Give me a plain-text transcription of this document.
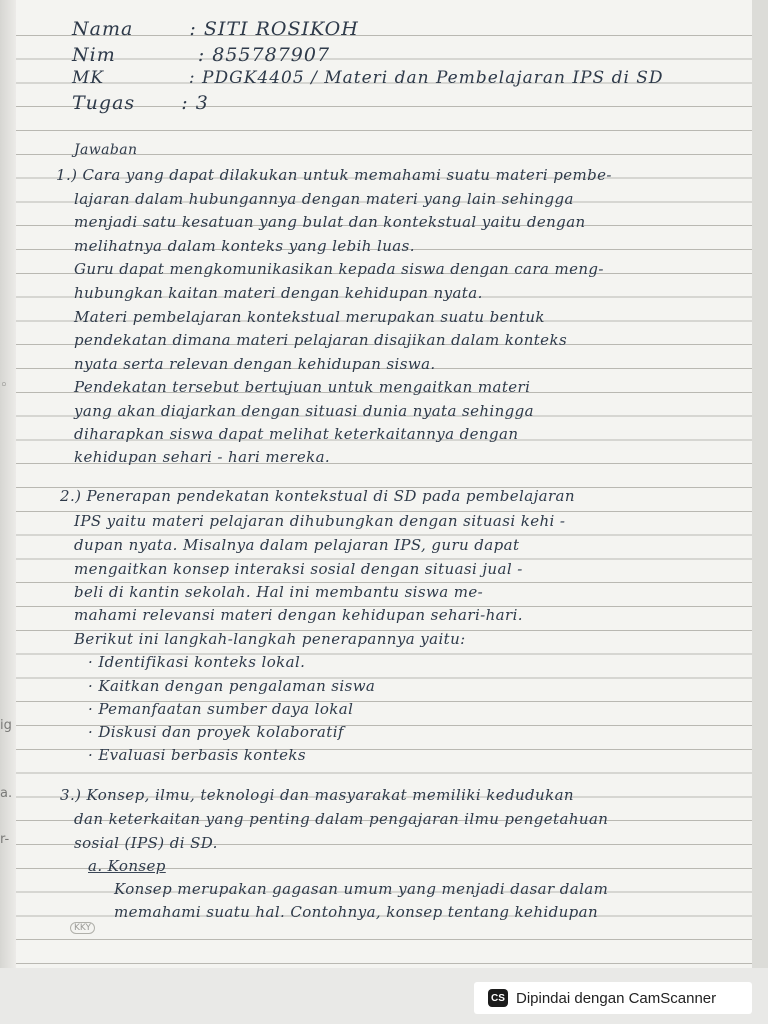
Nama	: SITI ROSIKOH
Nim	: 855787907
MK	: PDGK4405 / Materi dan Pembelajaran IPS di SD
Tugas : 3
Jawaban
1.) Cara yang dapat dilakukan untuk memahami suatu materi pembe-
lajaran dalam hubungannya dengan materi yang lain sehingga
menjadi satu kesatuan yang bulat dan kontekstual yaitu dengan
melihatnya dalam konteks yang lebih luas.
Guru dapat mengkomunikasikan kepada siswa dengan cara meng-
hubungkan kaitan materi dengan kehidupan nyata.
Materi pembelajaran kontekstual merupakan suatu bentuk
pendekatan dimana materi pelajaran disajikan dalam konteks
nyata serta relevan dengan kehidupan siswa.
Pendekatan tersebut bertujuan untuk mengaitkan materi
yang akan diajarkan dengan situasi dunia nyata sehingga
diharapkan siswa dapat melihat keterkaitannya dengan
kehidupan sehari - hari mereka.
2.) Penerapan pendekatan kontekstual di SD pada pembelajaran
IPS yaitu materi pelajaran dihubungkan dengan situasi kehi -
dupan nyata. Misalnya dalam pelajaran IPS, guru dapat
mengaitkan konsep interaksi sosial dengan situasi jual -
beli di kantin sekolah. Hal ini membantu siswa me-
mahami relevansi materi dengan kehidupan sehari-hari.
Berikut ini langkah-langkah penerapannya yaitu:
· Identifikasi konteks lokal.
· Kaitkan dengan pengalaman siswa
· Pemanfaatan sumber daya lokal
· Diskusi dan proyek kolaboratif
· Evaluasi berbasis konteks
3.) Konsep, ilmu, teknologi dan masyarakat memiliki kedudukan
dan keterkaitan yang penting dalam pengajaran ilmu pengetahuan
sosial (IPS) di SD.
a. Konsep
Konsep merupakan gagasan umum yang menjadi dasar dalam
memahami suatu hal. Contohnya, konsep tentang kehidupan
KKY
◦
ig
a.
r-
CS Dipindai dengan CamScanner
